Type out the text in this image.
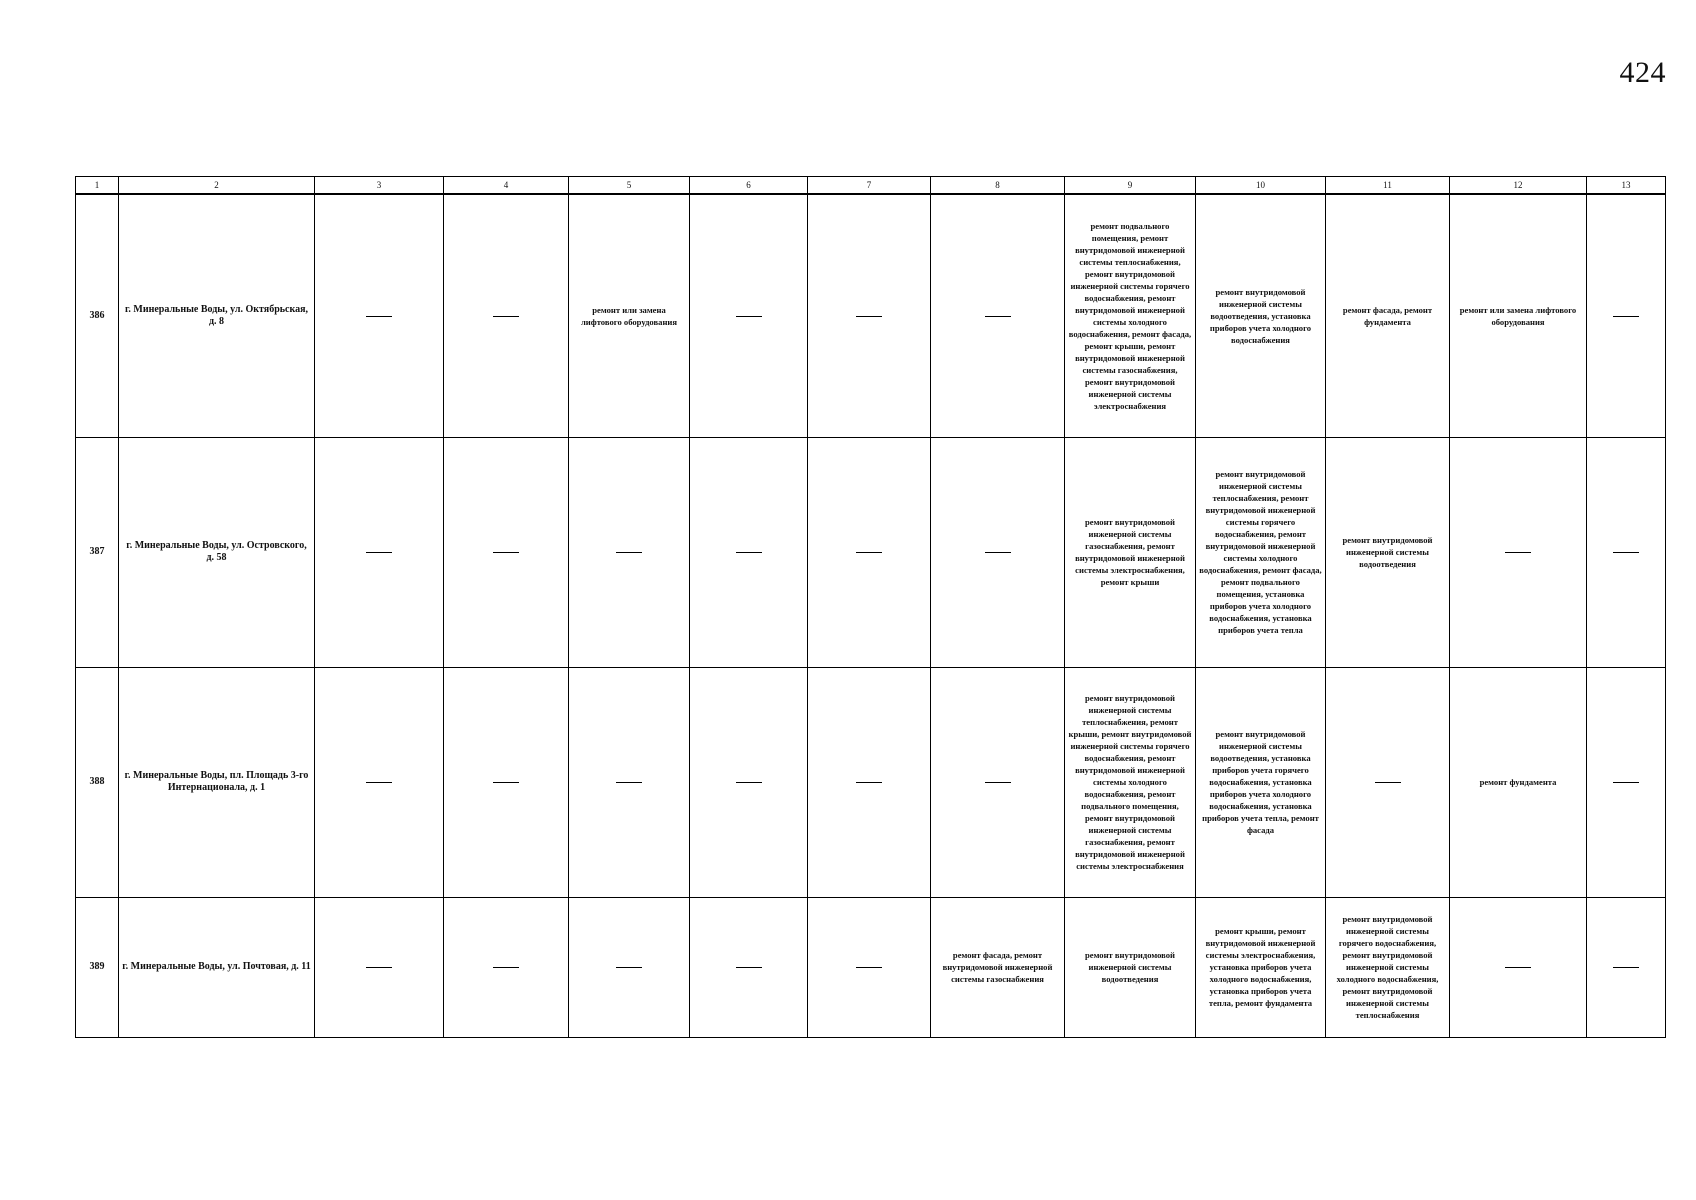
424
1	2	3	4	5	6	7	8	9	10	11	12	13
386	г. Минеральные Воды, ул. Октябрьская, д. 8			ремонт или замена лифтового оборудования				ремонт подвального помещения, ремонт внутридомовой инженерной системы теплоснабжения, ремонт внутридомовой инженерной системы горячего водоснабжения, ремонт внутридомовой инженерной системы холодного водоснабжения, ремонт фасада, ремонт крыши, ремонт внутридомовой инженерной системы газоснабжения, ремонт внутридомовой инженерной системы электроснабжения	ремонт внутридомовой инженерной системы водоотведения, установка приборов учета холодного водоснабжения	ремонт фасада, ремонт фундамента	ремонт или замена лифтового оборудования	
387	г. Минеральные Воды, ул. Островского, д. 58							ремонт внутридомовой инженерной системы газоснабжения, ремонт внутридомовой инженерной системы электроснабжения, ремонт крыши	ремонт внутридомовой инженерной системы теплоснабжения, ремонт внутридомовой инженерной системы горячего водоснабжения, ремонт внутридомовой инженерной системы холодного водоснабжения, ремонт фасада, ремонт подвального помещения, установка приборов учета холодного водоснабжения, установка приборов учета тепла	ремонт внутридомовой инженерной системы водоотведения		
388	г. Минеральные Воды, пл. Площадь 3-го Интернационала, д. 1							ремонт внутридомовой инженерной системы теплоснабжения, ремонт крыши, ремонт внутридомовой инженерной системы горячего водоснабжения, ремонт внутридомовой инженерной системы холодного водоснабжения, ремонт подвального помещения, ремонт внутридомовой инженерной системы газоснабжения, ремонт внутридомовой инженерной системы электроснабжения	ремонт внутридомовой инженерной системы водоотведения, установка приборов учета горячего водоснабжения, установка приборов учета холодного водоснабжения, установка приборов учета тепла, ремонт фасада		ремонт фундамента	
389	г. Минеральные Воды, ул. Почтовая, д. 11						ремонт фасада, ремонт внутридомовой инженерной системы газоснабжения	ремонт внутридомовой инженерной системы водоотведения	ремонт крыши, ремонт внутридомовой инженерной системы электроснабжения, установка приборов учета холодного водоснабжения, установка приборов учета тепла, ремонт фундамента	ремонт внутридомовой инженерной системы горячего водоснабжения, ремонт внутридомовой инженерной системы холодного водоснабжения, ремонт внутридомовой инженерной системы теплоснабжения		
